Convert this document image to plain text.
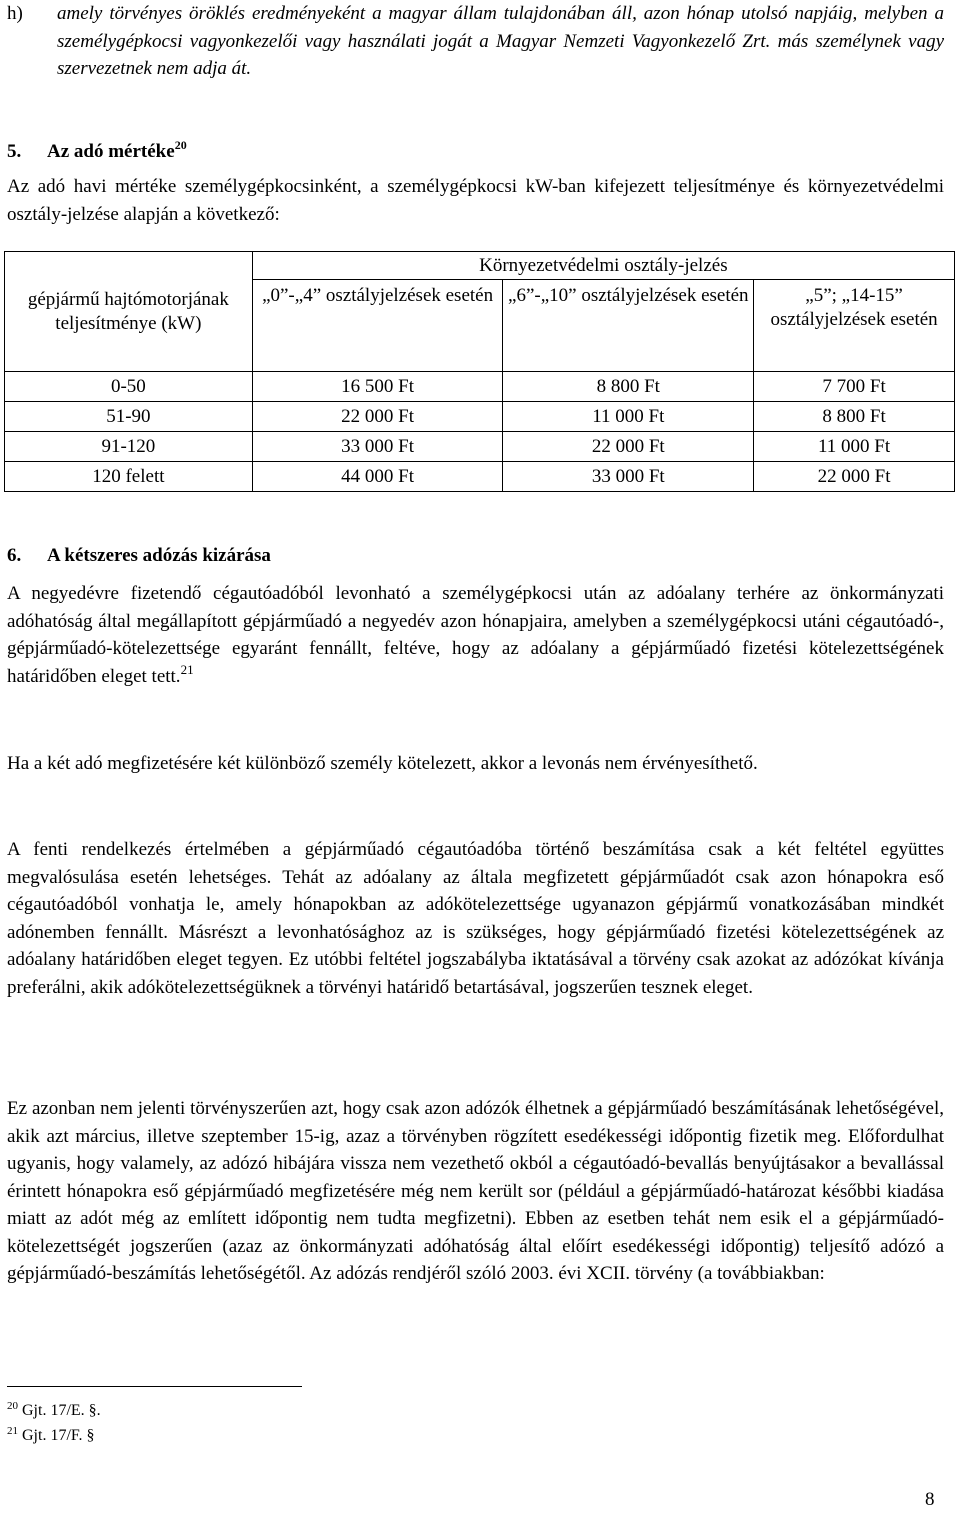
h) amely törvényes öröklés eredményeként a magyar állam tulajdonában áll, azon hónap utolsó napjáig, melyben a személygépkocsi vagyonkezelői vagy használati jogát a Magyar Nemzeti Vagyonkezelő Zrt. más személynek vagy szervezetnek nem adja át.
5. Az adó mértéke$^{20}$

Az adó havi mértéke személygépkocsinként, a személygépkocsi kW-ban kifejezett teljesítménye és környezetvédelmi osztály-jelzése alapján a következő:

gépjármű hajtómotorjának teljesítménye (kW)	Környezetvédelmi osztály-jelzés		
	„0”-„4” osztályjelzések esetén	„6”-„10” osztályjelzések esetén	„5”; „14-15” osztályjelzések esetén
0-50	16 500 Ft	8 800 Ft	7 700 Ft
51-90	22 000 Ft	11 000 Ft	8 800 Ft
91-120	33 000 Ft	22 000 Ft	11 000 Ft
120 felett	44 000 Ft	33 000 Ft	22 000 Ft
6. A kétszeres adózás kizárása

A negyedévre fizetendő cégautóadóból levonható a személygépkocsi után az adóalany terhére az önkormányzati adóhatóság által megállapított gépjárműadó a negyedév azon hónapjaira, amelyben a személygépkocsi utáni cégautóadó-, gépjárműadó-kötelezettsége egyaránt fennállt, feltéve, hogy az adóalany a gépjárműadó fizetési kötelezettségének határidőben eleget tett.$^{21}$

Ha a két adó megfizetésére két különböző személy kötelezett, akkor a levonás nem érvényesíthető.

A fenti rendelkezés értelmében a gépjárműadó cégautóadóba történő beszámítása csak a két feltétel együttes megvalósulása esetén lehetséges. Tehát az adóalany az általa megfizetett gépjárműadót csak azon hónapokra eső cégautóadóból vonhatja le, amely hónapokban az adókötelezettsége ugyanazon gépjármű vonatkozásában mindkét adónemben fennállt. Másrészt a levonhatósághoz az is szükséges, hogy gépjárműadó fizetési kötelezettségének az adóalany határidőben eleget tegyen. Ez utóbbi feltétel jogszabályba iktatásával a törvény csak azokat az adózókat kívánja preferálni, akik adókötelezettségüknek a törvényi határidő betartásával, jogszerűen tesznek eleget.

Ez azonban nem jelenti törvényszerűen azt, hogy csak azon adózók élhetnek a gépjárműadó beszámításának lehetőségével, akik azt március, illetve szeptember 15-ig, azaz a törvényben rögzített esedékességi időpontig fizetik meg. Előfordulhat ugyanis, hogy valamely, az adózó hibájára vissza nem vezethető okból a cégautóadó-bevallás benyújtásakor a bevallással érintett hónapokra eső gépjárműadó megfizetésére még nem került sor (például a gépjárműadó-határozat későbbi kiadása miatt az adót még az említett időpontig nem tudta megfizetni). Ebben az esetben tehát nem esik el a gépjárműadó-kötelezettségét jogszerűen (azaz az önkormányzati adóhatóság által előírt esedékességi időpontig) teljesítő adózó a gépjárműadó-beszámítás lehetőségétől. Az adózás rendjéről szóló 2003. évi XCII. törvény (a továbbiakban:

$^{20}$ Gjt. 17/E. §.
$^{21}$ Gjt. 17/F. §
8
